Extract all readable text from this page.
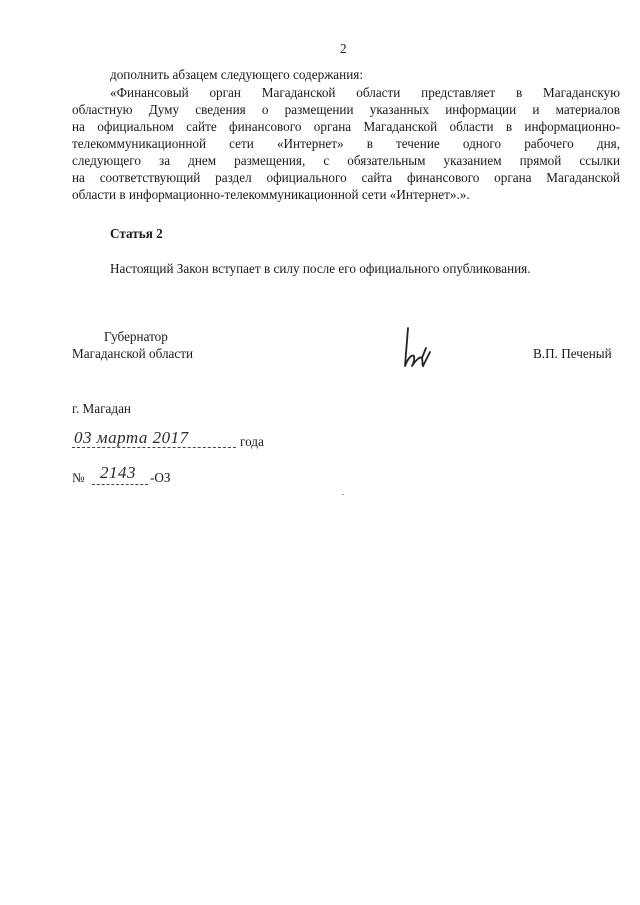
2
дополнить абзацем следующего содержания:
«Финансовый орган Магаданской области представляет в Магаданскую
областную Думу сведения о размещении указанных информации и материалов
на официальном сайте финансового органа Магаданской области в информационно-
телекоммуникационной сети «Интернет» в течение одного рабочего дня,
следующего за днем размещения, с обязательным указанием прямой ссылки
на соответствующий раздел официального сайта финансового органа Магаданской
области в информационно-телекоммуникационной сети «Интернет».».
Статья 2
Настоящий Закон вступает в силу после его официального опубликования.
Губернатор
Магаданской области	В.П. Печеный
г. Магадан
03 марта 2017	года
№ 2143 -ОЗ
